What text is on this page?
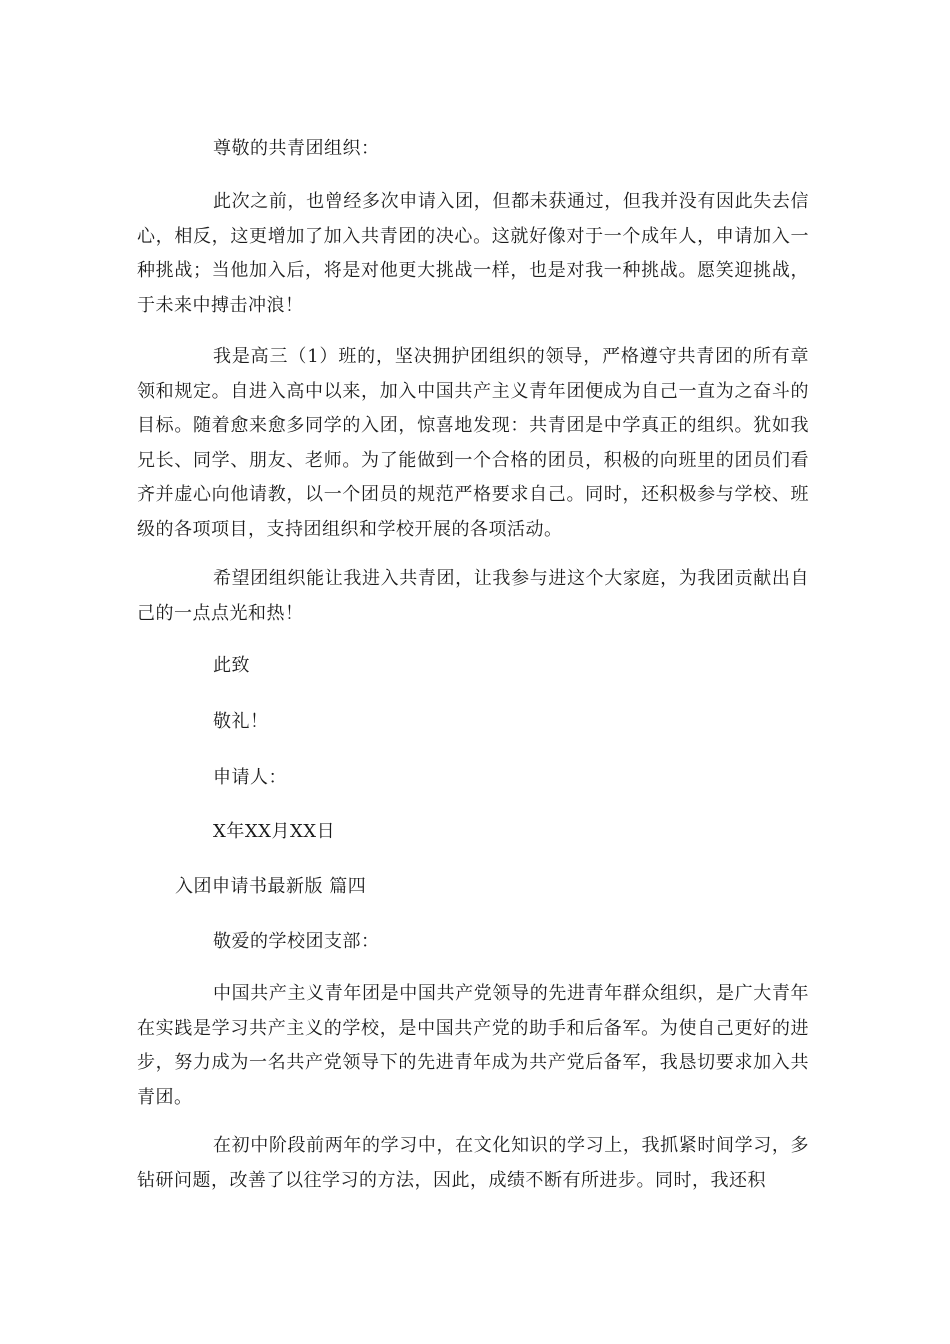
尊敬的共青团组织：
此次之前，也曾经多次申请入团，但都未获通过，但我并没有因此失去信心，相反，这更增加了加入共青团的决心。这就好像对于一个成年人，申请加入一种挑战；当他加入后，将是对他更大挑战一样，也是对我一种挑战。愿笑迎挑战，于未来中搏击冲浪！
我是高三（1）班的，坚决拥护团组织的领导，严格遵守共青团的所有章领和规定。自进入高中以来，加入中国共产主义青年团便成为自己一直为之奋斗的目标。随着愈来愈多同学的入团，惊喜地发现：共青团是中学真正的组织。犹如我兄长、同学、朋友、老师。为了能做到一个合格的团员，积极的向班里的团员们看齐并虚心向他请教，以一个团员的规范严格要求自己。同时，还积极参与学校、班级的各项项目，支持团组织和学校开展的各项活动。
希望团组织能让我进入共青团，让我参与进这个大家庭，为我团贡献出自己的一点点光和热！
此致
敬礼！
申请人：
X年XX月XX日
入团申请书最新版 篇四
敬爱的学校团支部：
中国共产主义青年团是中国共产党领导的先进青年群众组织，是广大青年在实践是学习共产主义的学校，是中国共产党的助手和后备军。为使自己更好的进步，努力成为一名共产党领导下的先进青年成为共产党后备军，我恳切要求加入共青团。
在初中阶段前两年的学习中，在文化知识的学习上，我抓紧时间学习，多钻研问题，改善了以往学习的方法，因此，成绩不断有所进步。同时，我还积
